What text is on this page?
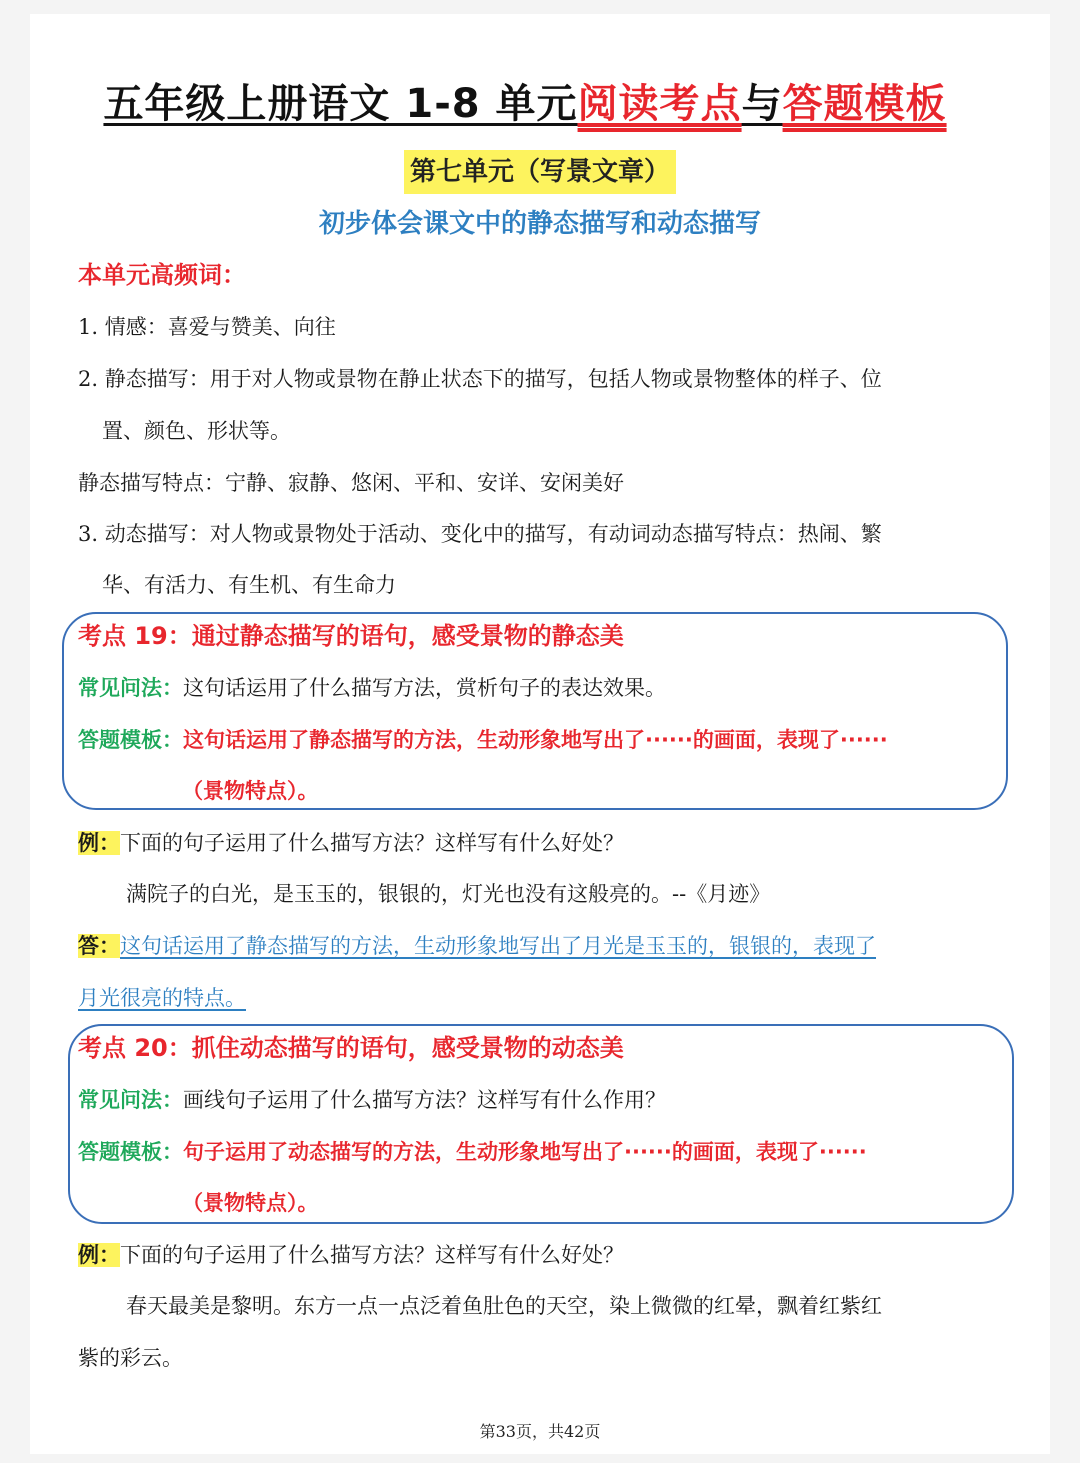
五年级上册语文 1-8 单元阅读考点与答题模板
第七单元（写景文章）
初步体会课文中的静态描写和动态描写
本单元高频词：
1. 情感：喜爱与赞美、向往
2. 静态描写：用于对人物或景物在静止状态下的描写，包括人物或景物整体的样子、位
置、颜色、形状等。
静态描写特点：宁静、寂静、悠闲、平和、安详、安闲美好
3. 动态描写：对人物或景物处于活动、变化中的描写，有动词动态描写特点：热闹、繁
华、有活力、有生机、有生命力
考点 19：通过静态描写的语句，感受景物的静态美
常见问法：这句话运用了什么描写方法，赏析句子的表达效果。
答题模板：这句话运用了静态描写的方法，生动形象地写出了······的画面，表现了······
（景物特点）。
例：下面的句子运用了什么描写方法？这样写有什么好处？
满院子的白光，是玉玉的，银银的，灯光也没有这般亮的。--《月迹》
答：这句话运用了静态描写的方法，生动形象地写出了月光是玉玉的，银银的，表现了
月光很亮的特点。
考点 20：抓住动态描写的语句，感受景物的动态美
常见问法：画线句子运用了什么描写方法？这样写有什么作用？
答题模板：句子运用了动态描写的方法，生动形象地写出了······的画面，表现了······
（景物特点）。
例：下面的句子运用了什么描写方法？这样写有什么好处？
春天最美是黎明。东方一点一点泛着鱼肚色的天空，染上微微的红晕，飘着红紫红
紫的彩云。
第33页，共42页
